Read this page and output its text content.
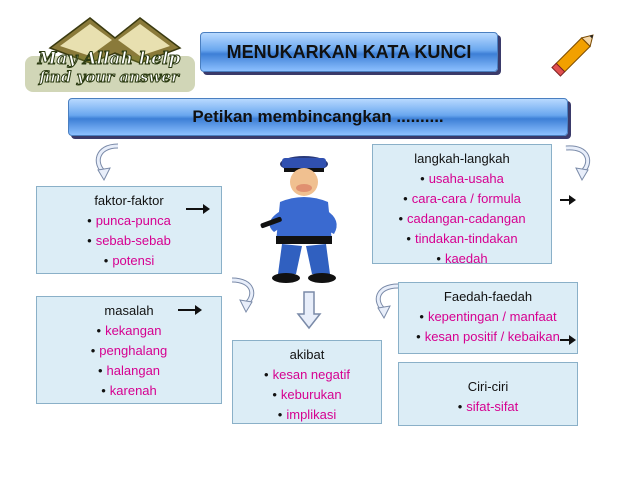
May Allah help
find your answer
MENUKARKAN KATA KUNCI
Petikan membincangkan ..........
faktor-faktor
• punca-punca
• sebab-sebab
• potensi
masalah
• kekangan
• penghalang
• halangan
• karenah
akibat
• kesan negatif
• keburukan
• implikasi
langkah-langkah
• usaha-usaha
• cara-cara / formula
• cadangan-cadangan
• tindakan-tindakan
• kaedah
Faedah-faedah
• kepentingan / manfaat
• kesan positif / kebaikan
Ciri-ciri
• sifat-sifat
